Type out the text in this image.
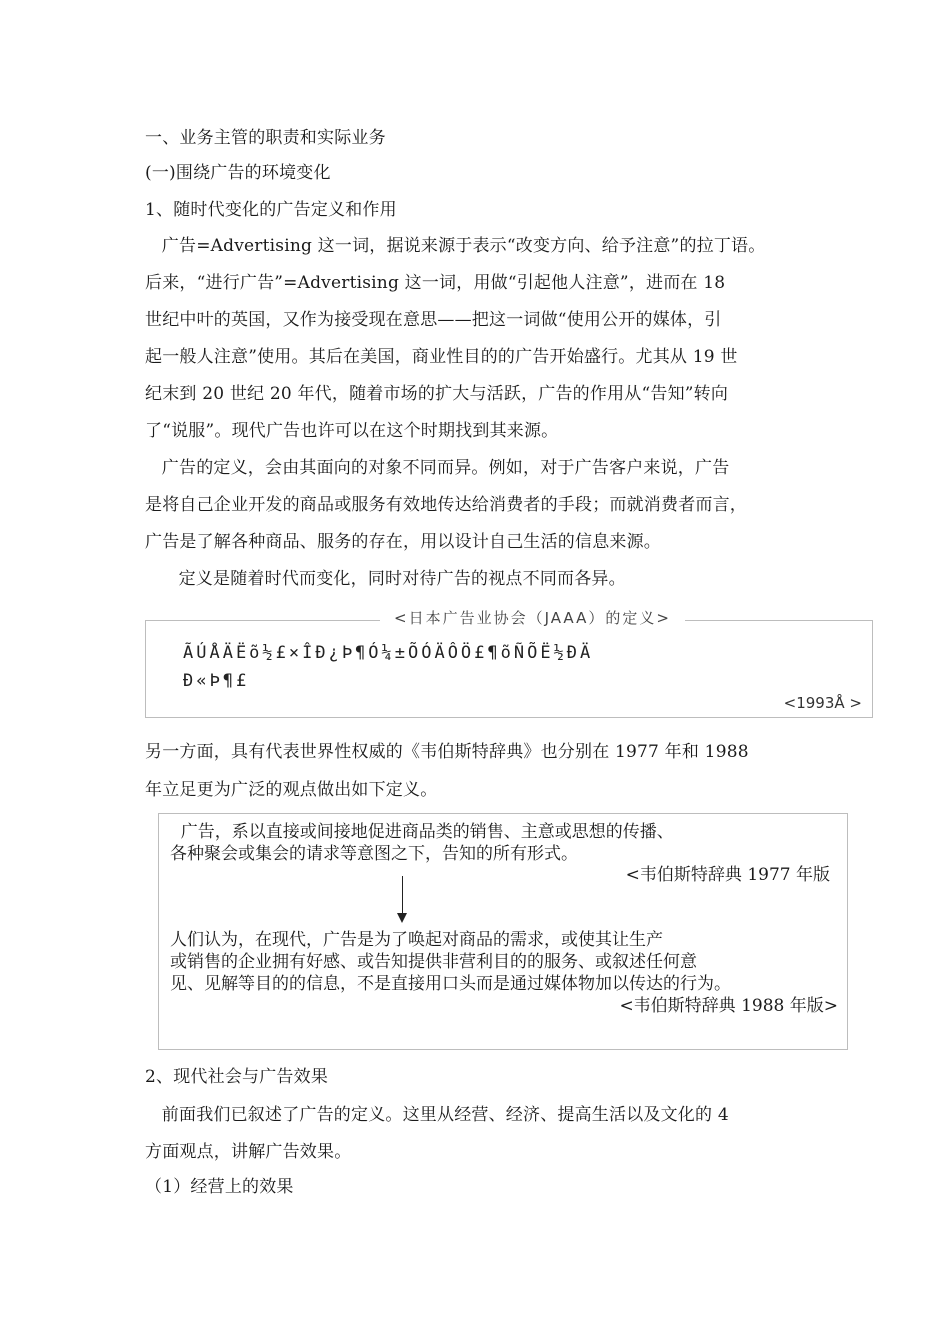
一、业务主管的职责和实际业务
(一)围绕广告的环境变化
1、随时代变化的广告定义和作用
广告=Advertising 这一词，据说来源于表示“改变方向、给予注意”的拉丁语。
后来，“进行广告”=Advertising 这一词，用做“引起他人注意”，进而在 18
世纪中叶的英国，又作为接受现在意思——把这一词做“使用公开的媒体，引
起一般人注意”使用。其后在美国，商业性目的的广告开始盛行。尤其从 19 世
纪末到 20 世纪 20 年代，随着市场的扩大与活跃，广告的作用从“告知”转向
了“说服”。现代广告也许可以在这个时期找到其来源。
广告的定义，会由其面向的对象不同而异。例如，对于广告客户来说，广告
是将自己企业开发的商品或服务有效地传达给消费者的手段；而就消费者而言，
广告是了解各种商品、服务的存在，用以设计自己生活的信息来源。
定义是随着时代而变化，同时对待广告的视点不同而各异。
<日本广告业协会（JAAA）的定义>
ÃÚÅÄËõ½£×ÎÐ¿Þ¶Ó¼±ÕÓÄÔÖ£¶õÑÕË½ÐÄ
Ð«Þ¶£
<1993Å >
另一方面，具有代表世界性权威的《韦伯斯特辞典》也分别在 1977 年和 1988
年立足更为广泛的观点做出如下定义。
广告，系以直接或间接地促进商品类的销售、主意或思想的传播、
各种聚会或集会的请求等意图之下，告知的所有形式。
<韦伯斯特辞典 1977 年版
人们认为，在现代，广告是为了唤起对商品的需求，或使其让生产
或销售的企业拥有好感、或告知提供非营利目的的服务、或叙述任何意
见、见解等目的的信息，不是直接用口头而是通过媒体物加以传达的行为。
<韦伯斯特辞典 1988 年版>
2、现代社会与广告效果
前面我们已叙述了广告的定义。这里从经营、经济、提高生活以及文化的 4
方面观点，讲解广告效果。
（1）经营上的效果
